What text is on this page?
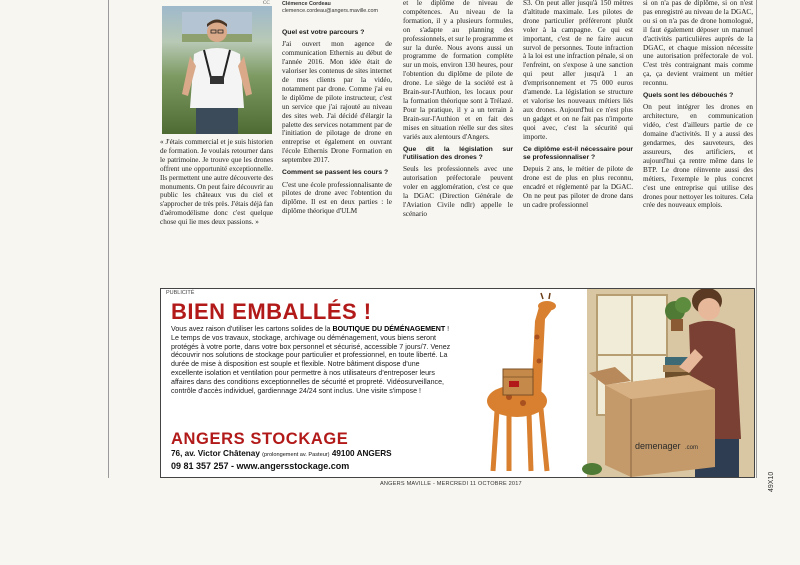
CC

« J'étais commercial et je suis historien de formation. Je voulais retourner dans le patrimoine. Je trouve que les drones offrent une opportunité exceptionnelle. Ils permettent une autre découverte des monuments. On peut faire découvrir au public les châteaux vus du ciel et s'approcher de très près. J'étais déjà fan d'aéromodélisme donc c'est quelque chose qui lie mes deux passions. »

Clémence Cordeau
clemence.cordeau@angers.maville.com

Quel est votre parcours ?

J'ai ouvert mon agence de communication Ethernis au début de l'année 2016. Mon idée était de valoriser les contenus de sites internet de mes clients par la vidéo, notamment par drone. Comme j'ai eu le diplôme de pilote instructeur, c'est un service que j'ai rajouté au niveau des sites web. J'ai décidé d'élargir la palette des services notamment par de l'initiation de pilotage de drone en entreprise et également en ouvrant l'école Ethernis Drone Formation en septembre 2017.

Comment se passent les cours ?

C'est une école professionnalisante de pilotes de drone avec l'obtention du diplôme. Il est en deux parties : le diplôme théorique d'ULM

et le diplôme de niveau de compétences. Au niveau de la formation, il y a plusieurs formules, on s'adapte au planning des professionnels, et sur le programme et sur la durée. Nous avons aussi un programme de formation complète sur un mois, environ 130 heures, pour l'obtention du diplôme de pilote de drone. Le siège de la société est à Brain-sur-l'Authion, les locaux pour la formation théorique sont à Trélazé. Pour la pratique, il y a un terrain à Brain-sur-l'Authion et en fait des mises en situation réelle sur des sites variés aux alentours d'Angers.

Que dit la législation sur l'utilisation des drones ?

Seuls les professionnels avec une autorisation préfectorale peuvent voler en agglomération, c'est ce que la DGAC (Direction Générale de l'Aviation Civile ndlr) appelle le scénario

S3. On peut aller jusqu'à 150 mètres d'altitude maximale. Les pilotes de drone particulier préféreront plutôt voler à la campagne. Ce qui est important, c'est de ne faire aucun survol de personnes. Toute infraction à la loi est une infraction pénale, si on l'enfreint, on s'expose à une sanction qui peut aller jusqu'à 1 an d'emprisonnement et 75 000 euros d'amende. La législation se structure et valorise les nouveaux métiers liés aux drones. Aujourd'hui ce n'est plus un gadget et on ne fait pas n'importe quoi avec, c'est la sécurité qui importe.

Ce diplôme est-il nécessaire pour se professionnaliser ?

Depuis 2 ans, le métier de pilote de drone est de plus en plus reconnu, encadré et réglementé par la DGAC. On ne peut pas piloter de drone dans un cadre professionnel

si on n'a pas de diplôme, si on n'est pas enregistré au niveau de la DGAC, ou si on n'a pas de drone homologué, il faut également déposer un manuel d'activités particulières auprès de la DGAC, et chaque mission nécessite une autorisation préfectorale de vol. C'est très contraignant mais comme ça, ça devient vraiment un métier reconnu.

Quels sont les débouchés ?

On peut intégrer les drones en architecture, en communication vidéo, c'est d'ailleurs partie de ce domaine d'activités. Il y a aussi des gendarmes, des sauveteurs, des assureurs, des artificiers, et aujourd'hui ça rentre même dans le BTP. Le drone réinvente aussi des métiers, l'exemple le plus concret c'est une entreprise qui utilise des drones pour nettoyer les toitures. Cela crée des nouveaux emplois.

PUBLICITÉ
BIEN EMBALLÉS !
Vous avez raison d'utiliser les cartons solides de la BOUTIQUE DU DÉMÉNAGEMENT ! Le temps de vos travaux, stockage, archivage ou déménagement, vous biens seront protégés à votre porte, dans votre box personnel et sécurisé, accessible 7 jours/7. Venez découvrir nos solutions de stockage pour particulier et professionnel, en toute liberté. La durée de mise à disposition est souple et flexible. Notre bâtiment dispose d'une excellente isolation et ventilation pour permettre à nos utilisateurs d'entreposer leurs affaires dans des conditions exceptionnelles de sécurité et propreté. Vidéosurveillance, contrôle d'accès individuel, gardiennage 24/24 sont inclus. Une visite s'impose !
ANGERS STOCKAGE
76, av. Victor Châtenay (prolongement av. Pasteur) 49100 ANGERS
09 81 357 257 - www.angersstockage.com
demenager .com
ANGERS MAVILLE - MERCREDI 11 OCTOBRE 2017	49X10
